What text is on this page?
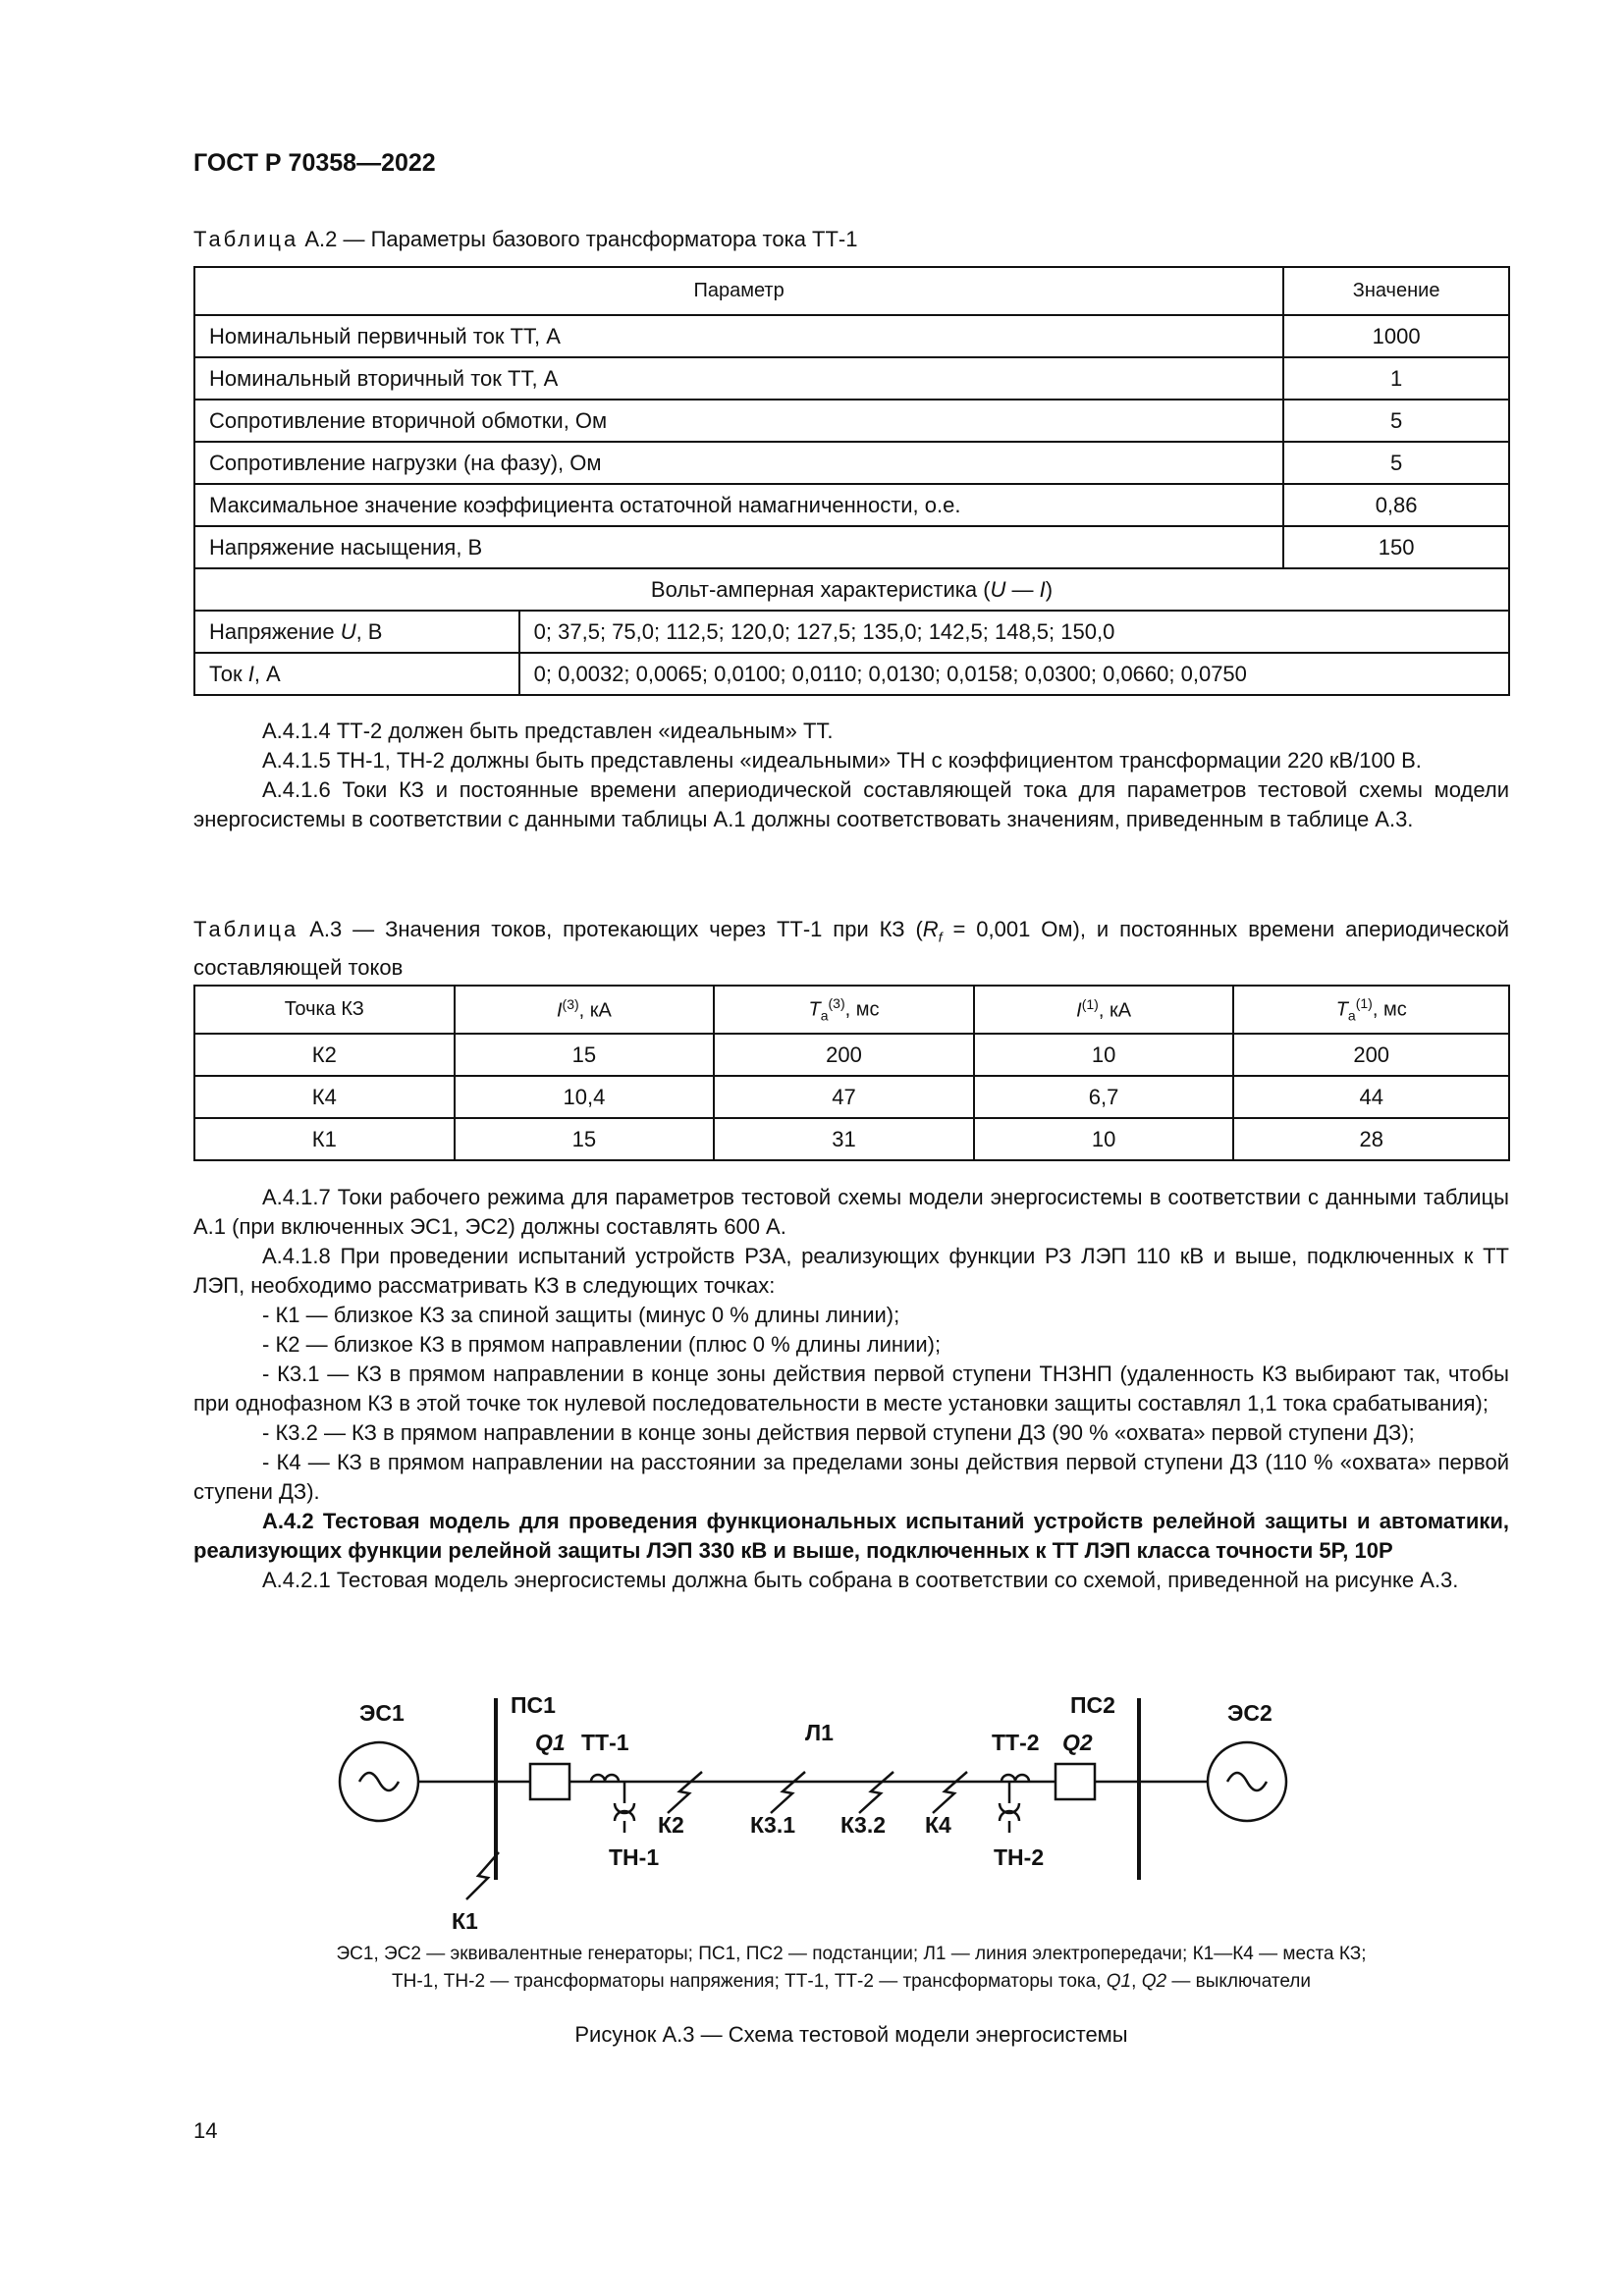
ГОСТ Р 70358—2022
Таблица А.2 — Параметры базового трансформатора тока ТТ-1
Параметр		Значение
Номинальный первичный ток ТТ, А		1000
Номинальный вторичный ток ТТ, А		1
Сопротивление вторичной обмотки, Ом		5
Сопротивление нагрузки (на фазу), Ом		5
Максимальное значение коэффициента остаточной намагниченности, о.е.		0,86
Напряжение насыщения, В		150
Вольт-амперная характеристика (U — I)		
Напряжение U, В	0; 37,5; 75,0; 112,5; 120,0; 127,5; 135,0; 142,5; 148,5; 150,0	
Ток I, А	0; 0,0032; 0,0065; 0,0100; 0,0110; 0,0130; 0,0158; 0,0300; 0,0660; 0,0750	

А.4.1.4 ТТ-2 должен быть представлен «идеальным» ТТ.

А.4.1.5 ТН-1, ТН-2 должны быть представлены «идеальными» ТН с коэффициентом трансформации 220 кВ/100 В.

А.4.1.6 Токи КЗ и постоянные времени апериодической составляющей тока для параметров тестовой схемы модели энергосистемы в соответствии с данными таблицы А.1 должны соответствовать значениям, приведенным в таблице А.3.

Таблица А.3 — Значения токов, протекающих через ТТ-1 при КЗ ($R_f = 0,001$ Ом), и постоянных времени апериодической составляющей токов
Точка КЗ	$I^{(3)}$, кА	$T_a^{(3)}$, мс	$I^{(1)}$, кА	$T_a^{(1)}$, мс
К2	15	200	10	200
К4	10,4	47	6,7	44
К1	15	31	10	28

А.4.1.7 Токи рабочего режима для параметров тестовой схемы модели энергосистемы в соответствии с данными таблицы А.1 (при включенных ЭС1, ЭС2) должны составлять 600 А.

А.4.1.8 При проведении испытаний устройств РЗА, реализующих функции РЗ ЛЭП 110 кВ и выше, подключенных к ТТ ЛЭП, необходимо рассматривать КЗ в следующих точках:

- К1 — близкое КЗ за спиной защиты (минус 0 % длины линии);

- К2 — близкое КЗ в прямом направлении (плюс 0 % длины линии);

- К3.1 — КЗ в прямом направлении в конце зоны действия первой ступени ТНЗНП (удаленность КЗ выбирают так, чтобы при однофазном КЗ в этой точке ток нулевой последовательности в месте установки защиты составлял 1,1 тока срабатывания);

- К3.2 — КЗ в прямом направлении в конце зоны действия первой ступени ДЗ (90 % «охвата» первой ступени ДЗ);

- К4 — КЗ в прямом направлении на расстоянии за пределами зоны действия первой ступени ДЗ (110 % «охвата» первой ступени ДЗ).

А.4.2 Тестовая модель для проведения функциональных испытаний устройств релейной защиты и автоматики, реализующих функции релейной защиты ЛЭП 330 кВ и выше, подключенных к ТТ ЛЭП класса точности 5Р, 10Р

А.4.2.1 Тестовая модель энергосистемы должна быть собрана в соответствии со схемой, приведенной на рисунке А.3.

ЭС1	ЭС2
ПС1	ПС2
Q1	Q2
ТТ-1	ТТ-2
ТН-1	ТН-2
Л1
К2	К3.1 К3.2 К4
К1
ЭС1, ЭС2 — эквивалентные генераторы; ПС1, ПС2 — подстанции; Л1 — линия электропередачи; К1—К4 — места КЗ;
ТН-1, ТН-2 — трансформаторы напряжения; ТТ-1, ТТ-2 — трансформаторы тока, Q1, Q2 — выключатели
Рисунок А.3 — Схема тестовой модели энергосистемы
14
